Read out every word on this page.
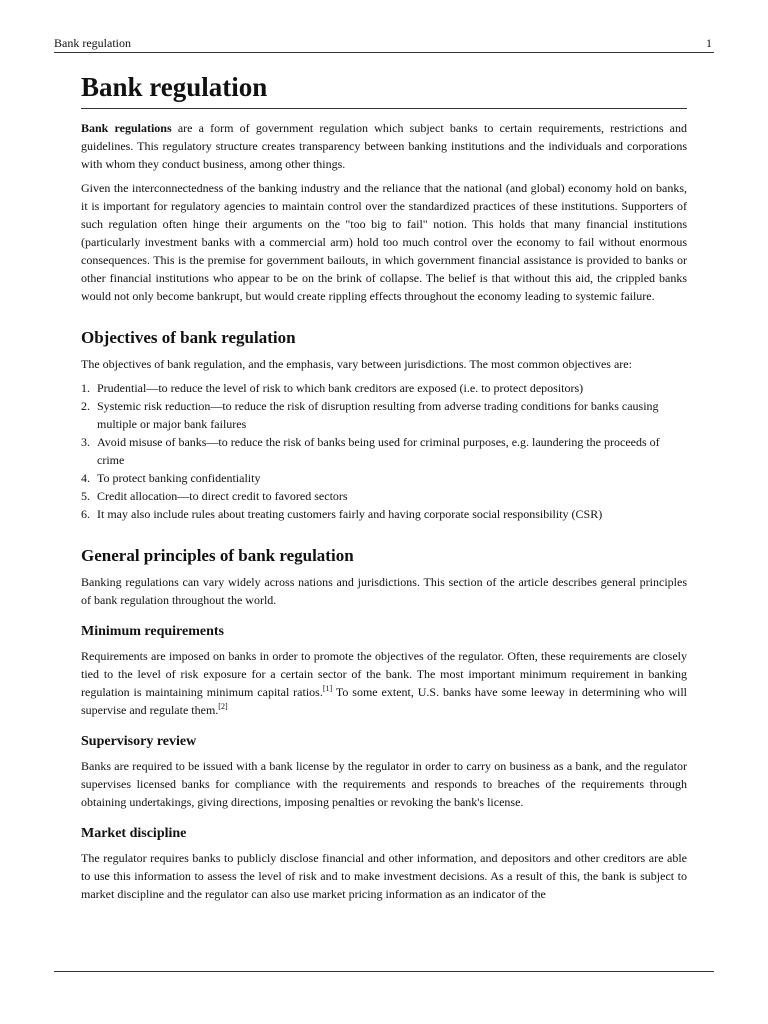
Bank regulation	1
Bank regulation

Bank regulations are a form of government regulation which subject banks to certain requirements, restrictions and guidelines. This regulatory structure creates transparency between banking institutions and the individuals and corporations with whom they conduct business, among other things.

Given the interconnectedness of the banking industry and the reliance that the national (and global) economy hold on banks, it is important for regulatory agencies to maintain control over the standardized practices of these institutions. Supporters of such regulation often hinge their arguments on the "too big to fail" notion. This holds that many financial institutions (particularly investment banks with a commercial arm) hold too much control over the economy to fail without enormous consequences. This is the premise for government bailouts, in which government financial assistance is provided to banks or other financial institutions who appear to be on the brink of collapse. The belief is that without this aid, the crippled banks would not only become bankrupt, but would create rippling effects throughout the economy leading to systemic failure.

Objectives of bank regulation

The objectives of bank regulation, and the emphasis, vary between jurisdictions. The most common objectives are:

1. Prudential—to reduce the level of risk to which bank creditors are exposed (i.e. to protect depositors)
2. Systemic risk reduction—to reduce the risk of disruption resulting from adverse trading conditions for banks causing multiple or major bank failures
3. Avoid misuse of banks—to reduce the risk of banks being used for criminal purposes, e.g. laundering the proceeds of crime
4. To protect banking confidentiality
5. Credit allocation—to direct credit to favored sectors
6. It may also include rules about treating customers fairly and having corporate social responsibility (CSR)
General principles of bank regulation

Banking regulations can vary widely across nations and jurisdictions. This section of the article describes general principles of bank regulation throughout the world.

Minimum requirements

Requirements are imposed on banks in order to promote the objectives of the regulator. Often, these requirements are closely tied to the level of risk exposure for a certain sector of the bank. The most important minimum requirement in banking regulation is maintaining minimum capital ratios.[1] To some extent, U.S. banks have some leeway in determining who will supervise and regulate them.[2]

Supervisory review

Banks are required to be issued with a bank license by the regulator in order to carry on business as a bank, and the regulator supervises licensed banks for compliance with the requirements and responds to breaches of the requirements through obtaining undertakings, giving directions, imposing penalties or revoking the bank's license.

Market discipline

The regulator requires banks to publicly disclose financial and other information, and depositors and other creditors are able to use this information to assess the level of risk and to make investment decisions. As a result of this, the bank is subject to market discipline and the regulator can also use market pricing information as an indicator of the
